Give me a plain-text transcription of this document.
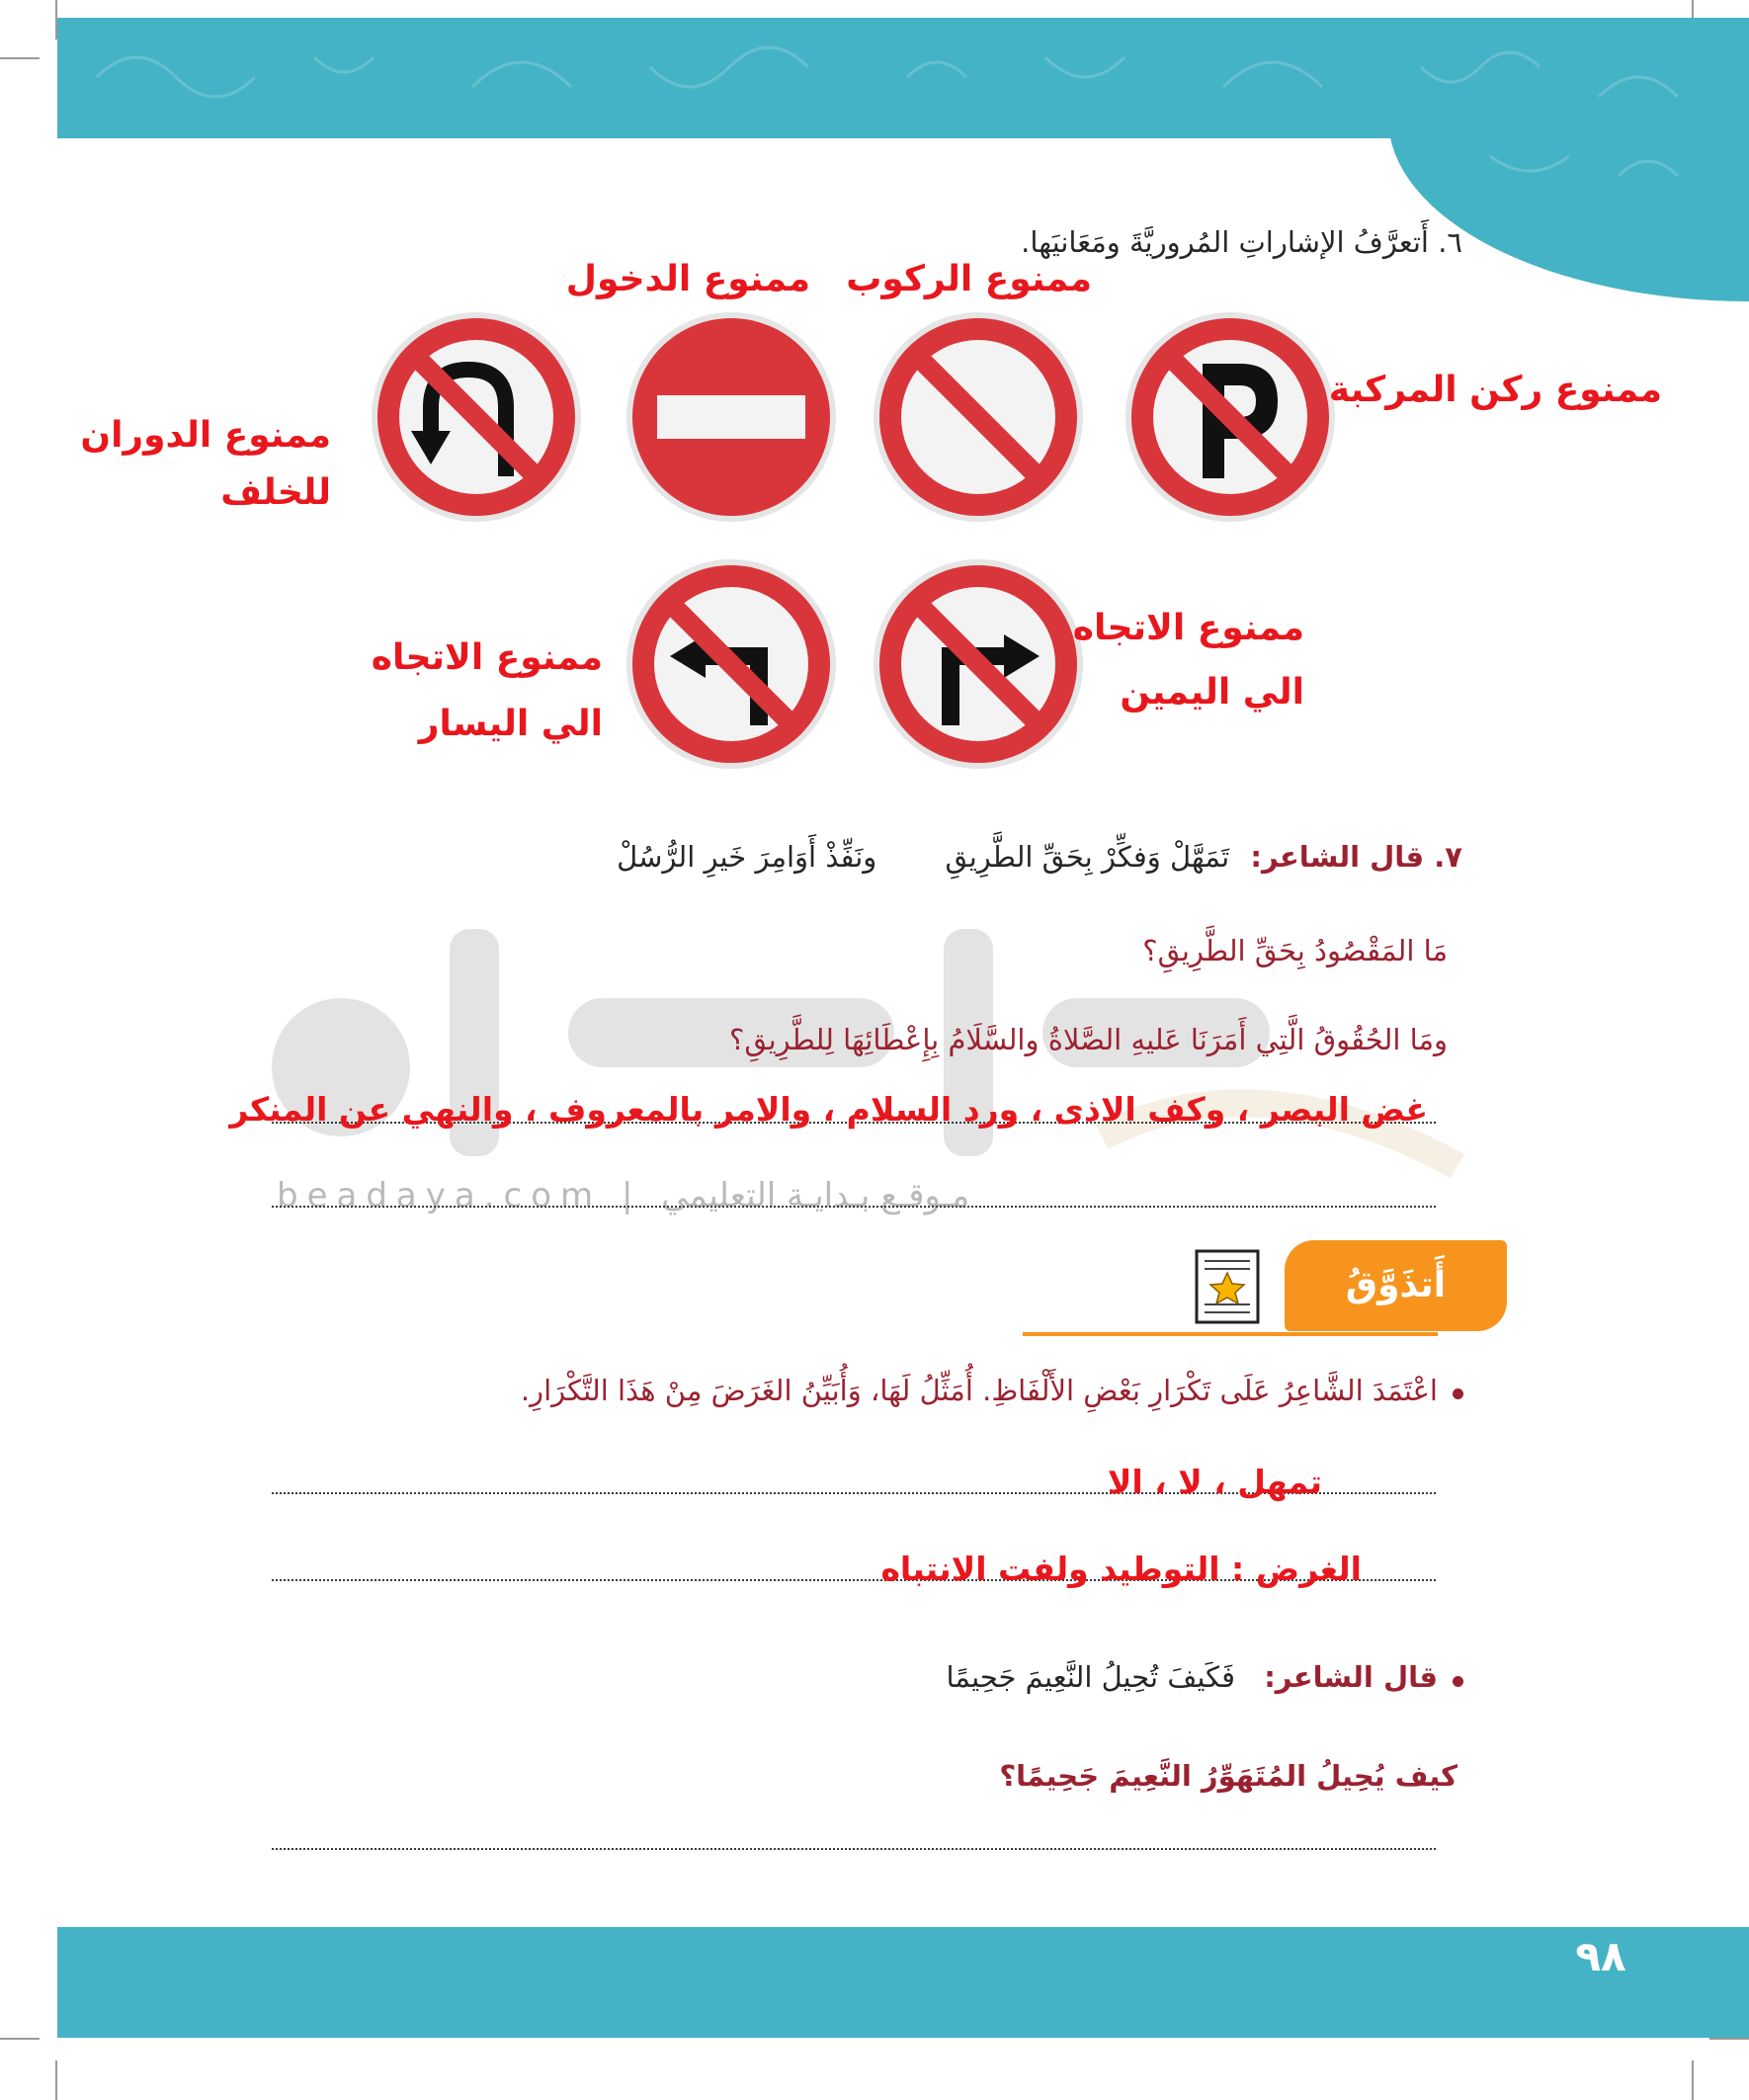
٦. أَتعرَّفُ الإشاراتِ المُروريَّةَ ومَعَانيَها.
beadaya.com | مـوقـع بـدايـة التعليمي
ممنوع ركن المركبة
ممنوع الركوب
ممنوع الدخول
ممنوع الدوران
للخلف
ممنوع الاتجاه
الي اليمين
ممنوع الاتجاه
الي اليسار
٧. قال الشاعر: تَمَهَّلْ وَفكِّرْ بِحَقِّ الطَّرِيقِ ونَفِّذْ أَوَامِرَ خَيرِ الرُّسُلْ
مَا المَقْصُودُ بِحَقِّ الطَّرِيقِ؟
ومَا الحُقُوقُ الَّتِي أَمَرَنَا عَليهِ الصَّلاةُ والسَّلَامُ بِإِعْطَائِهَا لِلطَّرِيقِ؟
غض البصر ، وكف الاذى ، ورد السلام ، والامر بالمعروف ، والنهي عن المنكر
أَتذَوَّقُ
اعْتَمَدَ الشَّاعِرُ عَلَى تَكْرَارِ بَعْضِ الأَلْفَاظِ. أُمَثِّلُ لَهَا، وَأُبَيِّنُ الغَرَضَ مِنْ هَذَا التَّكْرَارِ.
تمهل ، لا ، الا
الغرض : التوطيد ولفت الانتباه
قال الشاعر: فَكَيفَ تُحِيلُ النَّعِيمَ جَحِيمًا
كيف يُحِيلُ المُتَهَوِّرُ النَّعِيمَ جَحِيمًا؟
٩٨
